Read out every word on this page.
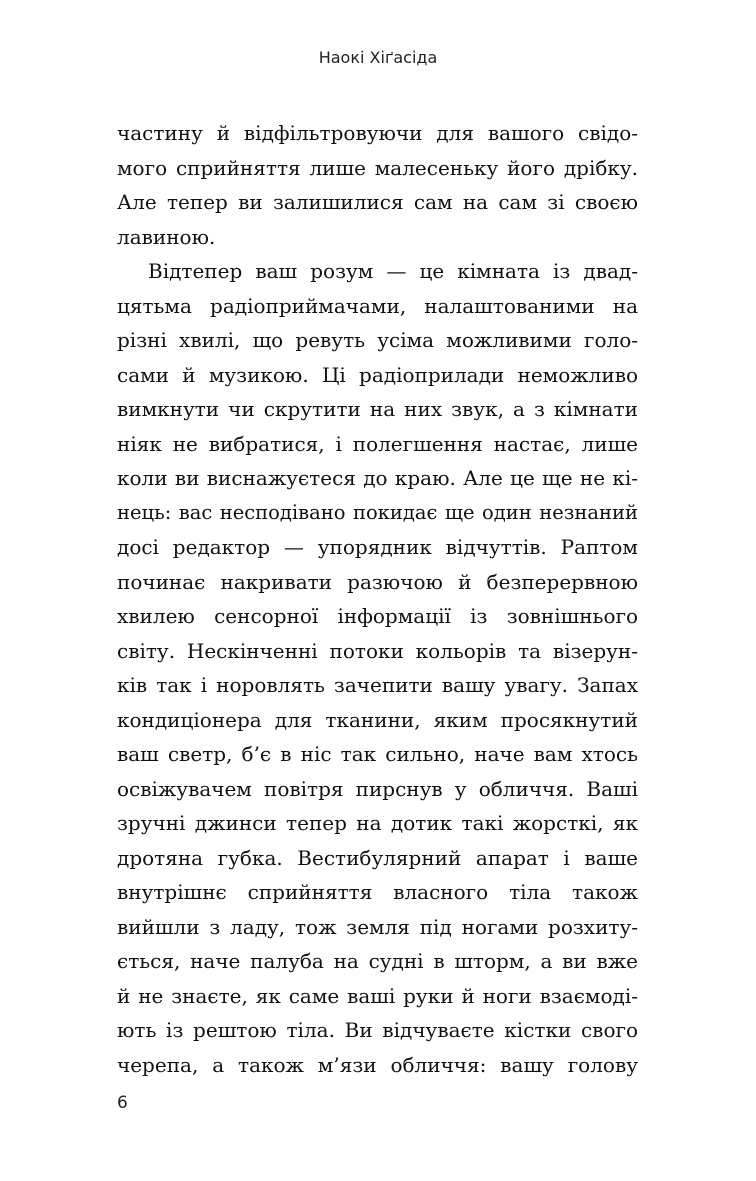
Наокі Хіґасіда
частину й відфільтровуючи для вашого свідо-
мого сприйняття лише малесеньку його дрібку.
Але тепер ви залишилися сам на сам зі своєю
лавиною.
Відтепер ваш розум — це кімната із двад-
цятьма радіоприймачами, налаштованими на
різні хвилі, що ревуть усіма можливими голо-
сами й музикою. Ці радіоприлади неможливо
вимкнути чи скрутити на них звук, а з кімнати
ніяк не вибратися, і полегшення настає, лише
коли ви виснажуєтеся до краю. Але це ще не кі-
нець: вас несподівано покидає ще один незнаний
досі редактор — упорядник відчуттів. Раптом
починає накривати разючою й безперервною
хвилею сенсорної інформації із зовнішнього
світу. Нескінченні потоки кольорів та візерун-
ків так і норовлять зачепити вашу увагу. Запах
кондиціонера для тканини, яким просякнутий
ваш светр, б’є в ніс так сильно, наче вам хтось
освіжувачем повітря пирснув у обличчя. Ваші
зручні джинси тепер на дотик такі жорсткі, як
дротяна губка. Вестибулярний апарат і ваше
внутрішнє сприйняття власного тіла також
вийшли з ладу, тож земля під ногами розхиту-
ється, наче палуба на судні в шторм, а ви вже
й не знаєте, як саме ваші руки й ноги взаємоді-
ють із рештою тіла. Ви відчуваєте кістки свого
черепа, а також м’язи обличчя: вашу голову
6
